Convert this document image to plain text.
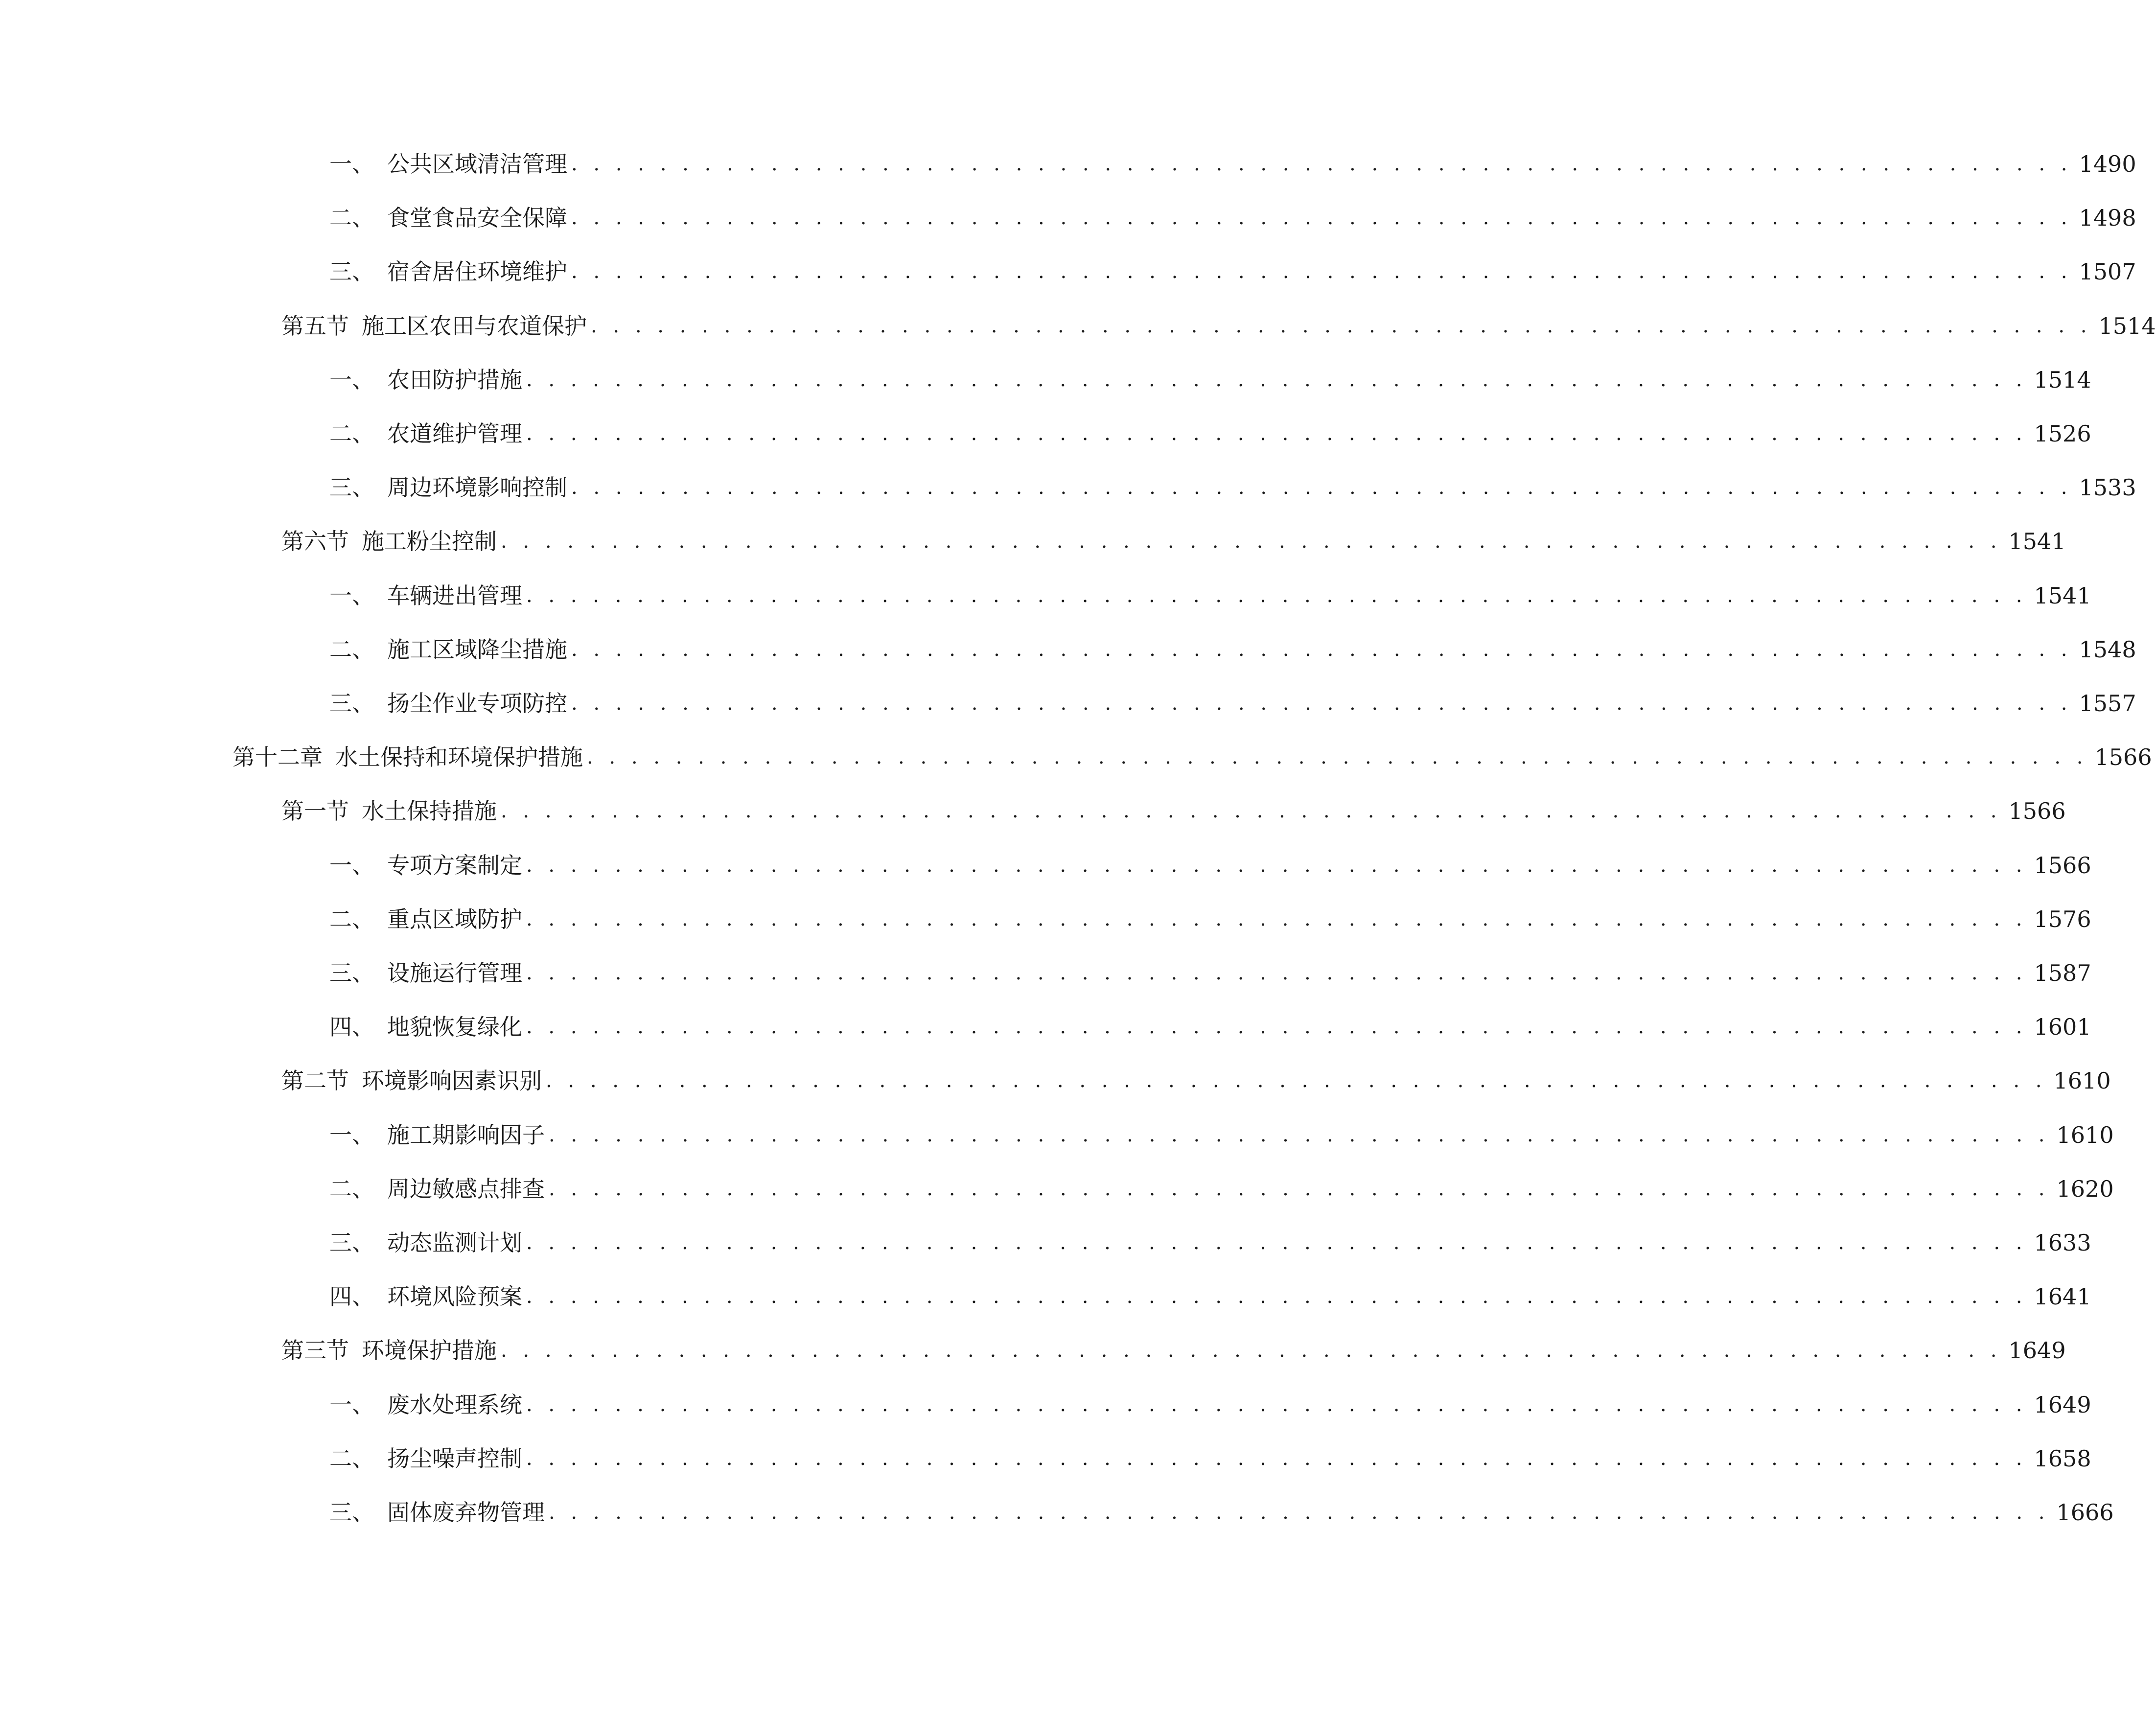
一、 公共区域清洁管理 . . . . . . . . . . . . . . . . . . . . . . . . . . . . . . . . . . . . . . . . . . . . . . . . . . . . . . . . . . . . . . . . . . . . 1490
二、 食堂食品安全保障 . . . . . . . . . . . . . . . . . . . . . . . . . . . . . . . . . . . . . . . . . . . . . . . . . . . . . . . . . . . . . . . . . . . . 1498
三、 宿舍居住环境维护 . . . . . . . . . . . . . . . . . . . . . . . . . . . . . . . . . . . . . . . . . . . . . . . . . . . . . . . . . . . . . . . . . . . . 1507
第五节 施工区农田与农道保护 . . . . . . . . . . . . . . . . . . . . . . . . . . . . . . . . . . . . . . . . . . . . . . . . . . . . . . . . . . . . . . . . . . . . 1514
一、 农田防护措施 . . . . . . . . . . . . . . . . . . . . . . . . . . . . . . . . . . . . . . . . . . . . . . . . . . . . . . . . . . . . . . . . . . . . 1514
二、 农道维护管理 . . . . . . . . . . . . . . . . . . . . . . . . . . . . . . . . . . . . . . . . . . . . . . . . . . . . . . . . . . . . . . . . . . . . 1526
三、 周边环境影响控制 . . . . . . . . . . . . . . . . . . . . . . . . . . . . . . . . . . . . . . . . . . . . . . . . . . . . . . . . . . . . . . . . . . . . 1533
第六节 施工粉尘控制 . . . . . . . . . . . . . . . . . . . . . . . . . . . . . . . . . . . . . . . . . . . . . . . . . . . . . . . . . . . . . . . . . . . . 1541
一、 车辆进出管理 . . . . . . . . . . . . . . . . . . . . . . . . . . . . . . . . . . . . . . . . . . . . . . . . . . . . . . . . . . . . . . . . . . . . 1541
二、 施工区域降尘措施 . . . . . . . . . . . . . . . . . . . . . . . . . . . . . . . . . . . . . . . . . . . . . . . . . . . . . . . . . . . . . . . . . . . . 1548
三、 扬尘作业专项防控 . . . . . . . . . . . . . . . . . . . . . . . . . . . . . . . . . . . . . . . . . . . . . . . . . . . . . . . . . . . . . . . . . . . . 1557
第十二章 水土保持和环境保护措施 . . . . . . . . . . . . . . . . . . . . . . . . . . . . . . . . . . . . . . . . . . . . . . . . . . . . . . . . . . . . . . . . . . . . 1566
第一节 水土保持措施 . . . . . . . . . . . . . . . . . . . . . . . . . . . . . . . . . . . . . . . . . . . . . . . . . . . . . . . . . . . . . . . . . . . . 1566
一、 专项方案制定 . . . . . . . . . . . . . . . . . . . . . . . . . . . . . . . . . . . . . . . . . . . . . . . . . . . . . . . . . . . . . . . . . . . . 1566
二、 重点区域防护 . . . . . . . . . . . . . . . . . . . . . . . . . . . . . . . . . . . . . . . . . . . . . . . . . . . . . . . . . . . . . . . . . . . . 1576
三、 设施运行管理 . . . . . . . . . . . . . . . . . . . . . . . . . . . . . . . . . . . . . . . . . . . . . . . . . . . . . . . . . . . . . . . . . . . . 1587
四、 地貌恢复绿化 . . . . . . . . . . . . . . . . . . . . . . . . . . . . . . . . . . . . . . . . . . . . . . . . . . . . . . . . . . . . . . . . . . . . 1601
第二节 环境影响因素识别 . . . . . . . . . . . . . . . . . . . . . . . . . . . . . . . . . . . . . . . . . . . . . . . . . . . . . . . . . . . . . . . . . . . . 1610
一、 施工期影响因子 . . . . . . . . . . . . . . . . . . . . . . . . . . . . . . . . . . . . . . . . . . . . . . . . . . . . . . . . . . . . . . . . . . . . 1610
二、 周边敏感点排查 . . . . . . . . . . . . . . . . . . . . . . . . . . . . . . . . . . . . . . . . . . . . . . . . . . . . . . . . . . . . . . . . . . . . 1620
三、 动态监测计划 . . . . . . . . . . . . . . . . . . . . . . . . . . . . . . . . . . . . . . . . . . . . . . . . . . . . . . . . . . . . . . . . . . . . 1633
四、 环境风险预案 . . . . . . . . . . . . . . . . . . . . . . . . . . . . . . . . . . . . . . . . . . . . . . . . . . . . . . . . . . . . . . . . . . . . 1641
第三节 环境保护措施 . . . . . . . . . . . . . . . . . . . . . . . . . . . . . . . . . . . . . . . . . . . . . . . . . . . . . . . . . . . . . . . . . . . . 1649
一、 废水处理系统 . . . . . . . . . . . . . . . . . . . . . . . . . . . . . . . . . . . . . . . . . . . . . . . . . . . . . . . . . . . . . . . . . . . . 1649
二、 扬尘噪声控制 . . . . . . . . . . . . . . . . . . . . . . . . . . . . . . . . . . . . . . . . . . . . . . . . . . . . . . . . . . . . . . . . . . . . 1658
三、 固体废弃物管理 . . . . . . . . . . . . . . . . . . . . . . . . . . . . . . . . . . . . . . . . . . . . . . . . . . . . . . . . . . . . . . . . . . . . 1666
